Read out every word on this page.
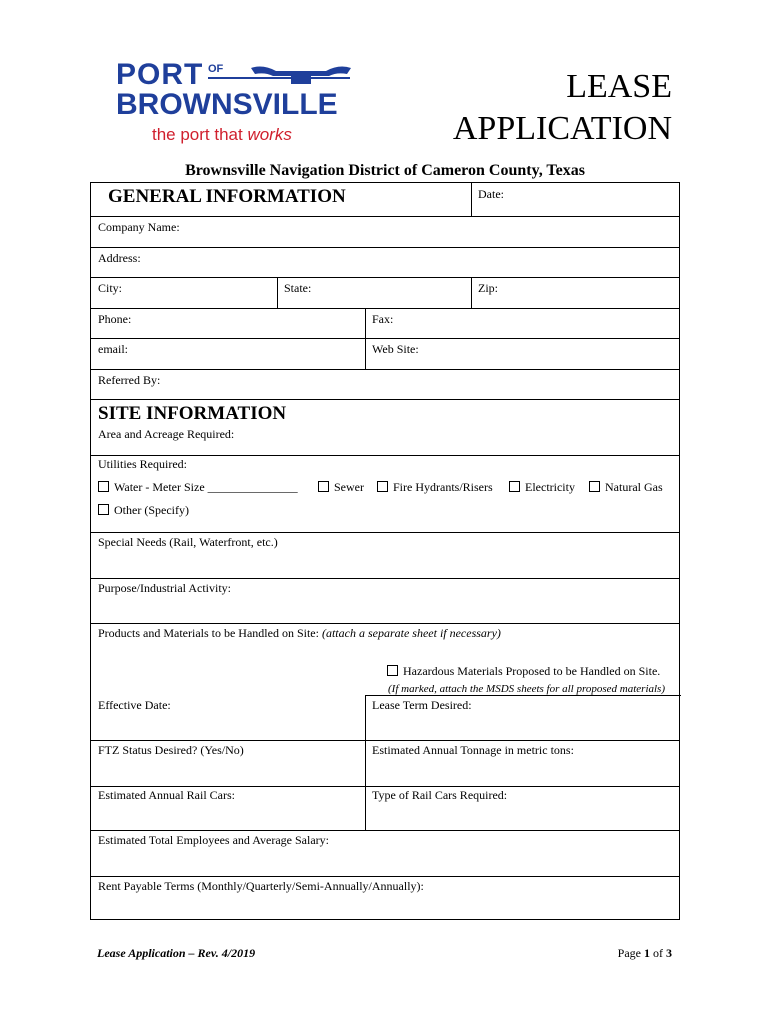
PORT OF
BROWNSVILLE
the port that works
LEASE
APPLICATION
Brownsville Navigation District of Cameron County, Texas
GENERAL INFORMATION	Date:
Company Name:
Address:
City:	State:	Zip:
Phone:	Fax:
email:	Web Site:
Referred By:
SITE INFORMATION
Area and Acreage Required:
Utilities Required:
Water - Meter Size _______________	Sewer	Fire Hydrants/Risers	Electricity	Natural Gas
Other (Specify)
Special Needs (Rail, Waterfront, etc.)
Purpose/Industrial Activity:
Products and Materials to be Handled on Site: (attach a separate sheet if necessary)
Hazardous Materials Proposed to be Handled on Site.
(If marked, attach the MSDS sheets for all proposed materials)
Effective Date:	Lease Term Desired:
FTZ Status Desired? (Yes/No)	Estimated Annual Tonnage in metric tons:
Estimated Annual Rail Cars:	Type of Rail Cars Required:
Estimated Total Employees and Average Salary:
Rent Payable Terms (Monthly/Quarterly/Semi-Annually/Annually):
Lease Application – Rev. 4/2019	Page 1 of 3
